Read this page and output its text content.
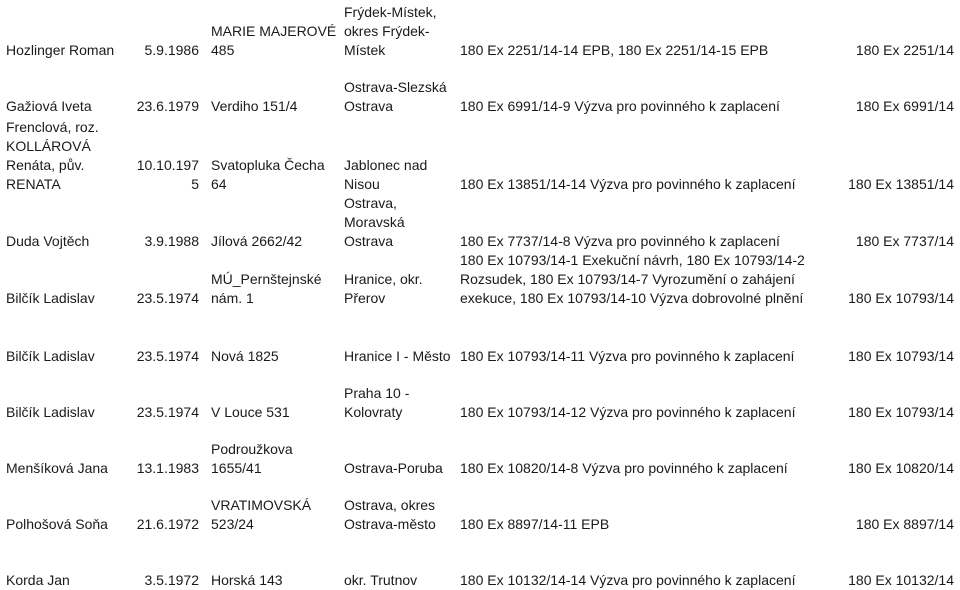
Hozlinger Roman	5.9.1986	MARIE MAJEROVÉ 485	Frýdek-Místek, okres Frýdek-Místek	180 Ex 2251/14-14 EPB, 180 Ex 2251/14-15 EPB	180 Ex 2251/14
Gažiová Iveta	23.6.1979	Verdiho 151/4	Ostrava-Slezská Ostrava	180 Ex 6991/14-9 Výzva pro povinného k zaplacení	180 Ex 6991/14
Frenclová, roz. KOLLÁROVÁ Renáta, pův. RENATA	10.10.1975	Svatopluka Čecha 64	Jablonec nad Nisou	180 Ex 13851/14-14 Výzva pro povinného k zaplacení	180 Ex 13851/14
Duda Vojtěch	3.9.1988	Jílová 2662/42	Ostrava, Moravská Ostrava	180 Ex 7737/14-8 Výzva pro povinného k zaplacení	180 Ex 7737/14
Bilčík Ladislav	23.5.1974	MÚ_Pernštejnské nám. 1	Hranice, okr. Přerov	180 Ex 10793/14-1 Exekuční návrh, 180 Ex 10793/14-2 Rozsudek, 180 Ex 10793/14-7 Vyrozumění o zahájení exekuce, 180 Ex 10793/14-10 Výzva dobrovolné plnění	180 Ex 10793/14
Bilčík Ladislav	23.5.1974	Nová 1825	Hranice I - Město	180 Ex 10793/14-11 Výzva pro povinného k zaplacení	180 Ex 10793/14
Bilčík Ladislav	23.5.1974	V Louce 531	Praha 10 - Kolovraty	180 Ex 10793/14-12 Výzva pro povinného k zaplacení	180 Ex 10793/14
Menšíková Jana	13.1.1983	Podroužkova 1655/41	Ostrava-Poruba	180 Ex 10820/14-8 Výzva pro povinného k zaplacení	180 Ex 10820/14
Polhošová Soňa	21.6.1972	VRATIMOVSKÁ 523/24	Ostrava, okres Ostrava-město	180 Ex 8897/14-11 EPB	180 Ex 8897/14
Korda Jan	3.5.1972	Horská 143	okr. Trutnov	180 Ex 10132/14-14 Výzva pro povinného k zaplacení	180 Ex 10132/14
